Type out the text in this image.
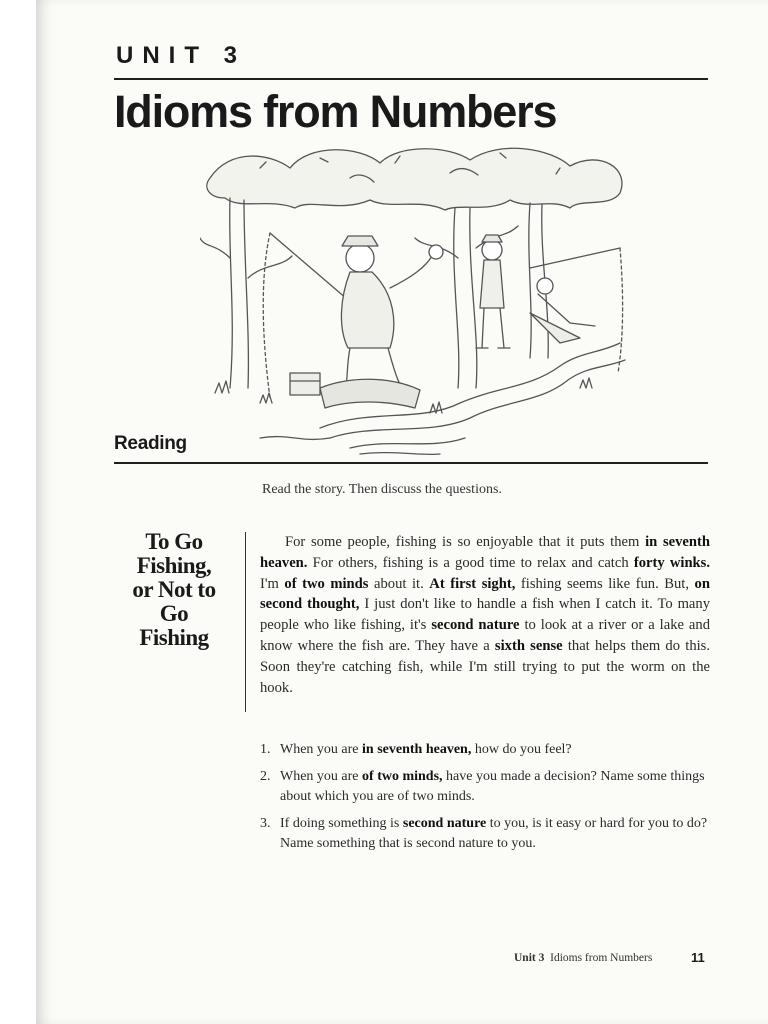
UNIT 3
Idioms from Numbers
Reading

Read the story. Then discuss the questions.

To Go
Fishing,
or Not to
Go
Fishing

For some people, fishing is so enjoyable that it puts them in seventh heaven. For others, fishing is a good time to relax and catch forty winks. I'm of two minds about it. At first sight, fishing seems like fun. But, on second thought, I just don't like to handle a fish when I catch it. To many people who like fishing, it's second nature to look at a river or a lake and know where the fish are. They have a sixth sense that helps them do this. Soon they're catching fish, while I'm still trying to put the worm on the hook.

1. When you are in seventh heaven, how do you feel?
2. When you are of two minds, have you made a decision? Name some things about which you are of two minds.
3. If doing something is second nature to you, is it easy or hard for you to do? Name something that is second nature to you.

Unit 3 Idioms from Numbers	11
